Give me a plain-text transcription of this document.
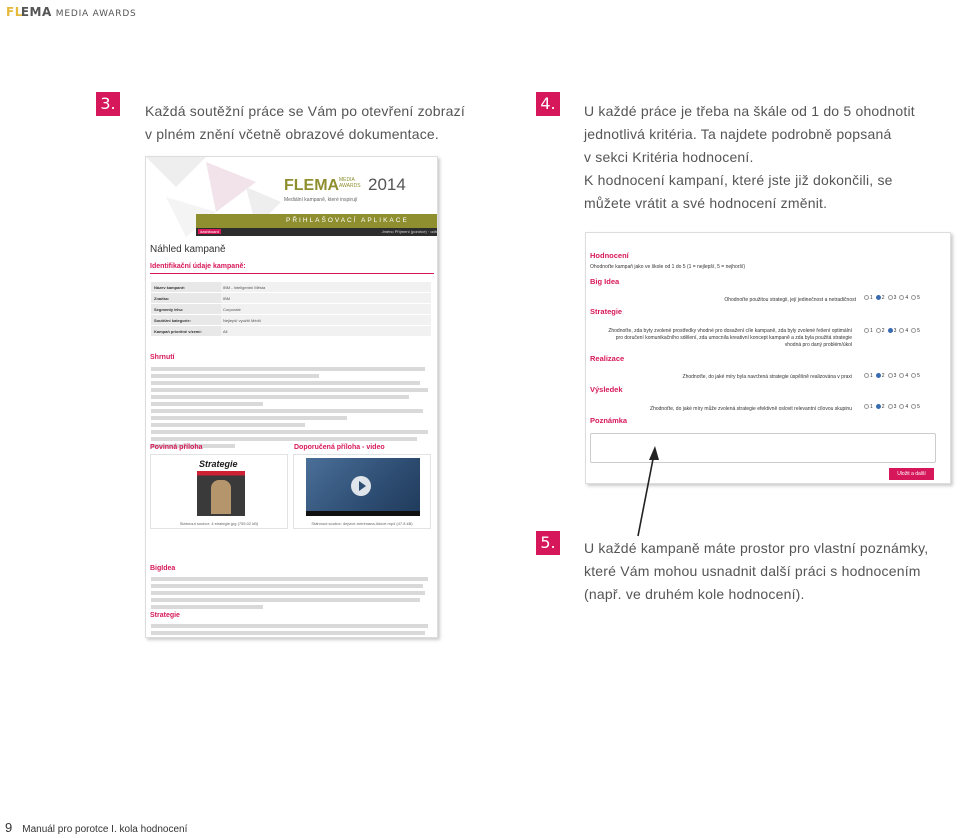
FLEMA MEDIA AWARDS
3.	Každá soutěžní práce se Vám po otevření zobrazí
v plném znění včetně obrazové dokumentace.
4.	U každé práce je třeba na škále od 1 do 5 ohodnotit
jednotlivá kritéria. Ta najdete podrobně popsaná
v sekci Kritéria hodnocení.
K hodnocení kampaní, které jste již dokončili, se
můžete vrátit a své hodnocení změnit.
FLEMA MEDIA
AWARDS 2014
Mediální kampaně, které inspirují
PŘIHLAŠOVACÍ APLIKACE
dashboard	Jméno Příjmení (porotce) · odh
Náhled kampaně
Identifikační údaje kampaně:
Název kampaně:	IBM - Inteligentní Města
Značka:	IBM
Segmenty trhu:	Corporate
Soutěžní kategorie:	Nejlepší využití Médií
Kampaň prioritně v/zemí:	All
Shrnutí
Povinná příloha	Doporučená příloha - video
Strategie
Stáhnout soubor: 4 strategie.jpg (755.02 kB)	Stáhnout soubor: dejvice-mirrimana-lidové.mp4 (47.8 kB)
BigIdea
Strategie
Hodnocení
Ohodnoťte kampaň jako ve škole od 1 do 5 (1 = nejlepší, 5 = nejhorší)
Big Idea
Ohodnoťte použitou strategii, její jedinečnost a netradičnost	1 2 3 4 5
Strategie
Zhodnoťte, zda byty zvolené prostředky vhodné pro dosažení cíle kampaně, zda byly zvolené řešení optimální pro doručení komunikačního sdělení, zda umocnila kreativní koncept kampaně a zda byla použitá strategie vhodná pro daný problém/úkol
1 2 3 4 5
Realizace
Zhodnoťte, do jaké míry byla navržená strategie úspěšně realizována v praxi	1 2 3 4 5
Výsledek
Zhodnoťte, do jaké míry může zvolená strategie efektivně oslovit relevantní cílovou skupinu	1 2 3 4 5
Poznámka
Uložit a další
5.	U každé kampaně máte prostor pro vlastní poznámky,
které Vám mohou usnadnit další práci s hodnocením
(např. ve druhém kole hodnocení).
9 Manuál pro porotce I. kola hodnocení
